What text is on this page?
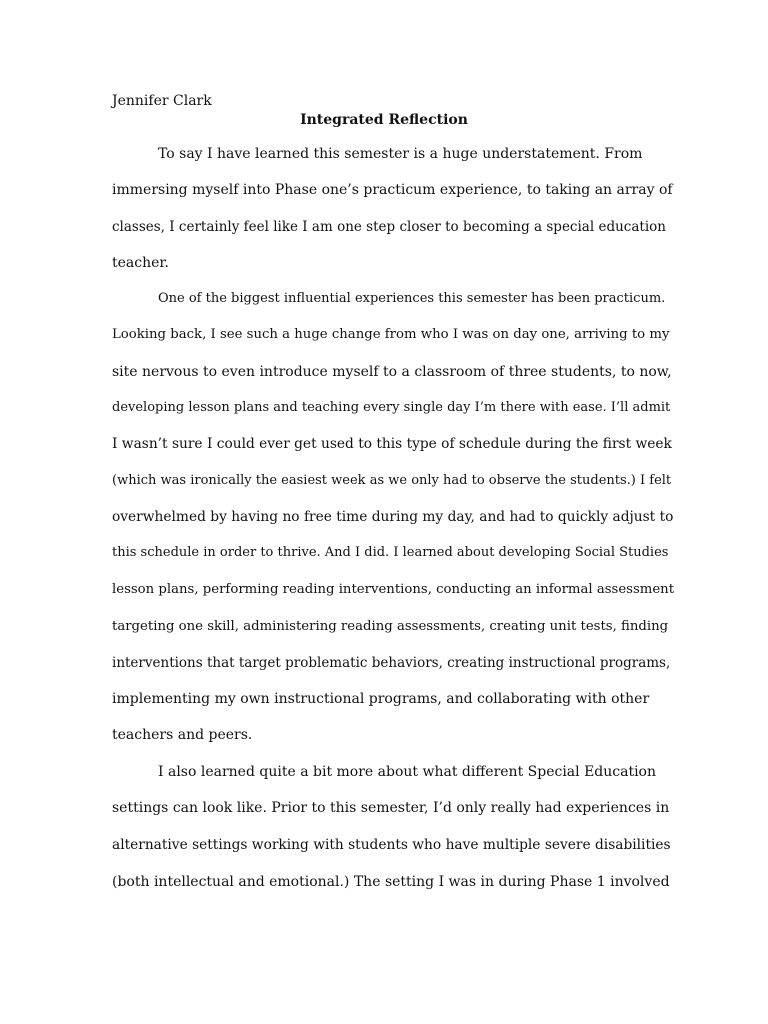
Jennifer Clark

Integrated Reflection

To say I have learned this semester is a huge understatement. From

immersing myself into Phase one’s practicum experience, to taking an array of

classes, I certainly feel like I am one step closer to becoming a special education

teacher.

One of the biggest influential experiences this semester has been practicum.

Looking back, I see such a huge change from who I was on day one, arriving to my

site nervous to even introduce myself to a classroom of three students, to now,

developing lesson plans and teaching every single day I’m there with ease. I’ll admit

I wasn’t sure I could ever get used to this type of schedule during the first week

(which was ironically the easiest week as we only had to observe the students.) I felt

overwhelmed by having no free time during my day, and had to quickly adjust to

this schedule in order to thrive. And I did. I learned about developing Social Studies

lesson plans, performing reading interventions, conducting an informal assessment

targeting one skill, administering reading assessments, creating unit tests, finding

interventions that target problematic behaviors, creating instructional programs,

implementing my own instructional programs, and collaborating with other

teachers and peers.

I also learned quite a bit more about what different Special Education

settings can look like. Prior to this semester, I’d only really had experiences in

alternative settings working with students who have multiple severe disabilities

(both intellectual and emotional.) The setting I was in during Phase 1 involved
